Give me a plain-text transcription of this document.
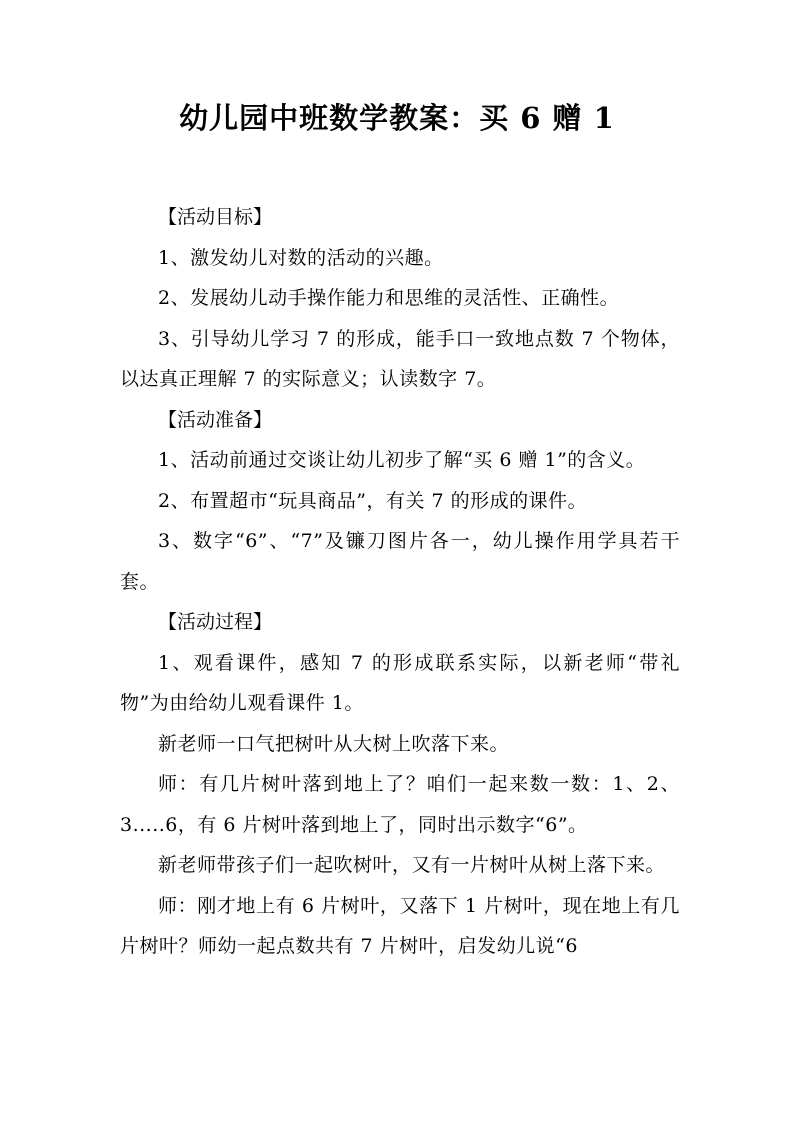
幼儿园中班数学教案：买 6 赠 1

【活动目标】

1、激发幼儿对数的活动的兴趣。

2、发展幼儿动手操作能力和思维的灵活性、正确性。

3、引导幼儿学习 7 的形成，能手口一致地点数 7 个物体，以达真正理解 7 的实际意义；认读数字 7。

【活动准备】

1、活动前通过交谈让幼儿初步了解“买 6 赠 1”的含义。

2、布置超市“玩具商品”，有关 7 的形成的课件。

3、数字“6”、“7”及镰刀图片各一，幼儿操作用学具若干套。

【活动过程】

1、观看课件，感知 7 的形成联系实际，以新老师“带礼物”为由给幼儿观看课件 1。

新老师一口气把树叶从大树上吹落下来。

师：有几片树叶落到地上了？咱们一起来数一数：1、2、3.....6，有 6 片树叶落到地上了，同时出示数字“6”。

新老师带孩子们一起吹树叶，又有一片树叶从树上落下来。

师：刚才地上有 6 片树叶，又落下 1 片树叶，现在地上有几片树叶？师幼一起点数共有 7 片树叶，启发幼儿说“6
